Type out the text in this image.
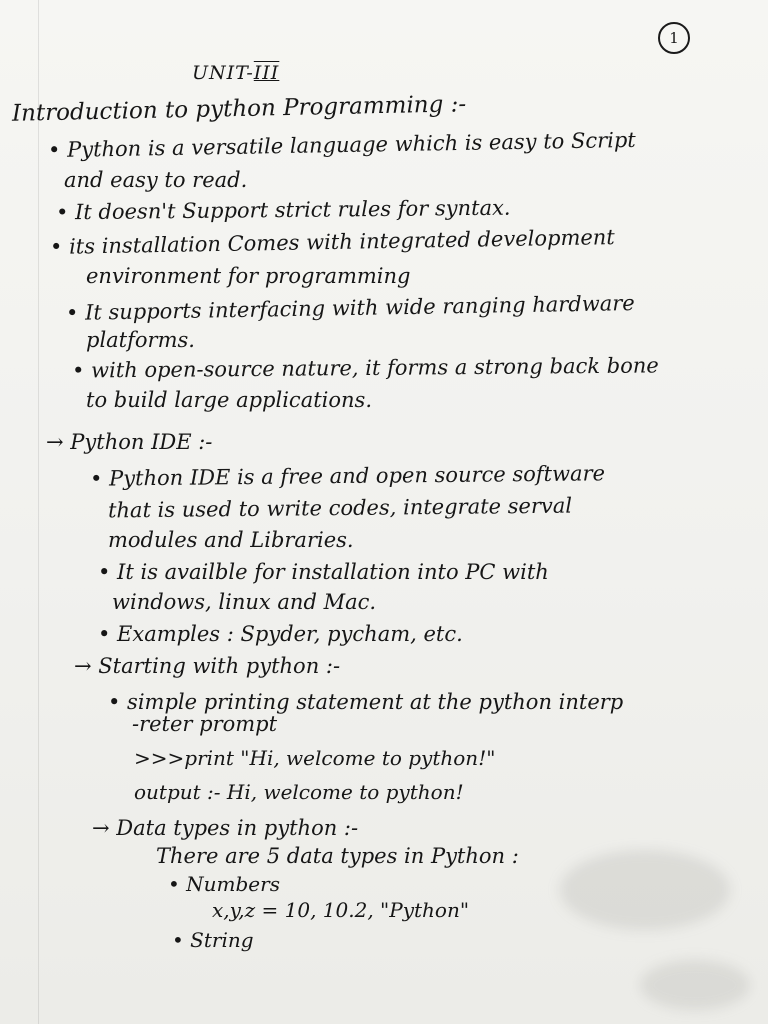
1
UNIT-III
Introduction to python Programming :-
• Python is a versatile language which is easy to Script
and easy to read.
• It doesn't Support strict rules for syntax.
• its installation Comes with integrated development
environment for programming
• It supports interfacing with wide ranging hardware
platforms.
• with open-source nature, it forms a strong back bone
to build large applications.
→ Python IDE :-
• Python IDE is a free and open source software
that is used to write codes, integrate serval
modules and Libraries.
• It is availble for installation into PC with
windows, linux and Mac.
• Examples : Spyder, pycham, etc.
→ Starting with python :-
• simple printing statement at the python interp
-reter prompt
>>>print "Hi, welcome to python!"
output :- Hi, welcome to python!
→ Data types in python :-
There are 5 data types in Python :
• Numbers
x,y,z = 10, 10.2, "Python"
• String
